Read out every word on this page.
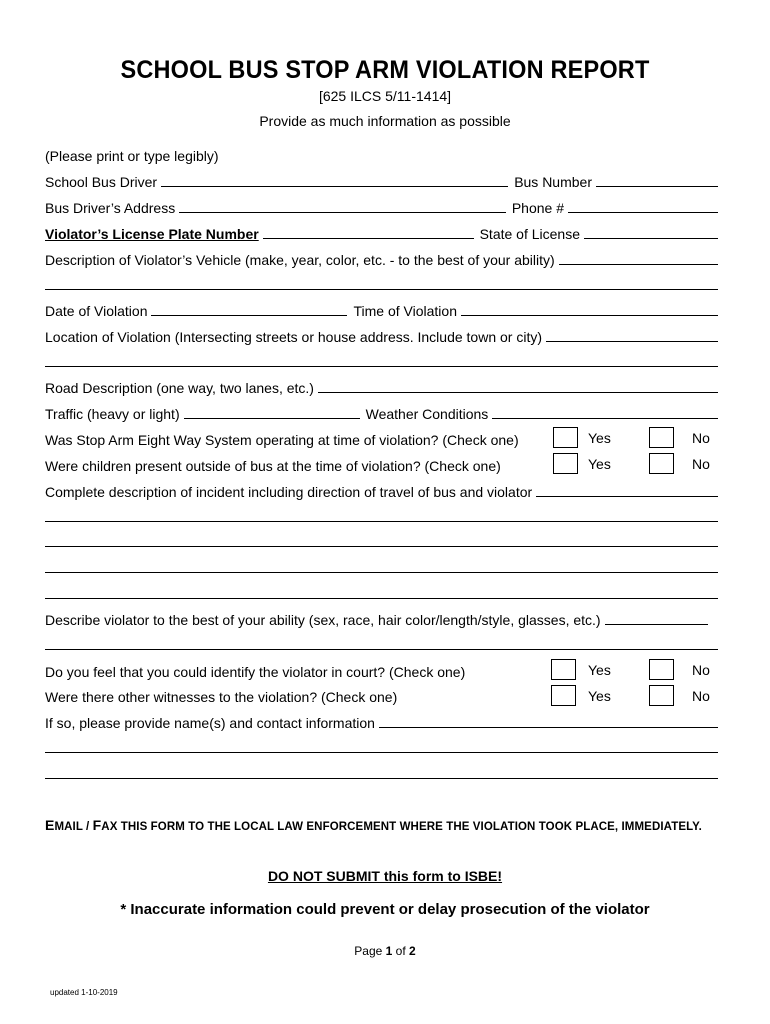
SCHOOL BUS STOP ARM VIOLATION REPORT
[625 ILCS 5/11-1414]
Provide as much information as possible
(Please print or type legibly)
School Bus Driver	Bus Number
Bus Driver’s Address	Phone #
Violator’s License Plate Number	State of License
Description of Violator’s Vehicle (make, year, color, etc. - to the best of your ability)
Date of Violation	Time of Violation
Location of Violation (Intersecting streets or house address. Include town or city)
Road Description (one way, two lanes, etc.)
Traffic (heavy or light)	Weather Conditions
Was Stop Arm Eight Way System operating at time of violation? (Check one)	Yes	No
Were children present outside of bus at the time of violation? (Check one)	Yes	No
Complete description of incident including direction of travel of bus and violator
Describe violator to the best of your ability (sex, race, hair color/length/style, glasses, etc.)
Do you feel that you could identify the violator in court? (Check one)	Yes	No
Were there other witnesses to the violation? (Check one)	Yes	No
If so, please provide name(s) and contact information
EMAIL / FAX THIS FORM TO THE LOCAL LAW ENFORCEMENT WHERE THE VIOLATION TOOK PLACE, IMMEDIATELY.
DO NOT SUBMIT this form to ISBE!
* Inaccurate information could prevent or delay prosecution of the violator
Page 1 of 2
updated 1-10-2019
